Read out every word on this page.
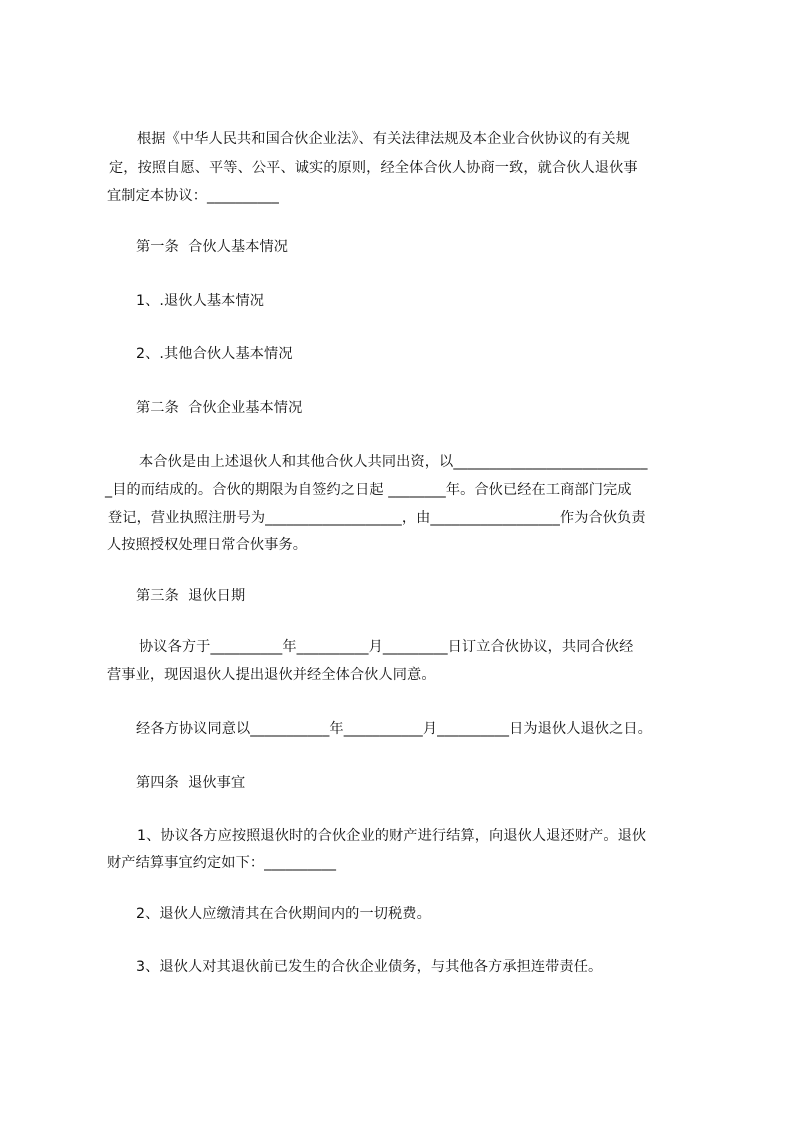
根据《中华人民共和国合伙企业法》、有关法律法规及本企业合伙协议的有关规
定，按照自愿、平等、公平、诚实的原则，经全体合伙人协商一致，就合伙人退伙事
宜制定本协议：__________
第一条  合伙人基本情况
1、.退伙人基本情况
2、.其他合伙人基本情况
第二条  合伙企业基本情况
本合伙是由上述退伙人和其他合伙人共同出资，以___________________________
_目的而结成的。合伙的期限为自签约之日起 ________年。合伙已经在工商部门完成
登记，营业执照注册号为___________________，由__________________作为合伙负责
人按照授权处理日常合伙事务。
第三条  退伙日期
协议各方于__________年__________月_________日订立合伙协议，共同合伙经
营事业，现因退伙人提出退伙并经全体合伙人同意。
经各方协议同意以___________年___________月__________日为退伙人退伙之日。
第四条  退伙事宜
1、协议各方应按照退伙时的合伙企业的财产进行结算，向退伙人退还财产。退伙
财产结算事宜约定如下：__________
2、退伙人应缴清其在合伙期间内的一切税费。
3、退伙人对其退伙前已发生的合伙企业债务，与其他各方承担连带责任。
